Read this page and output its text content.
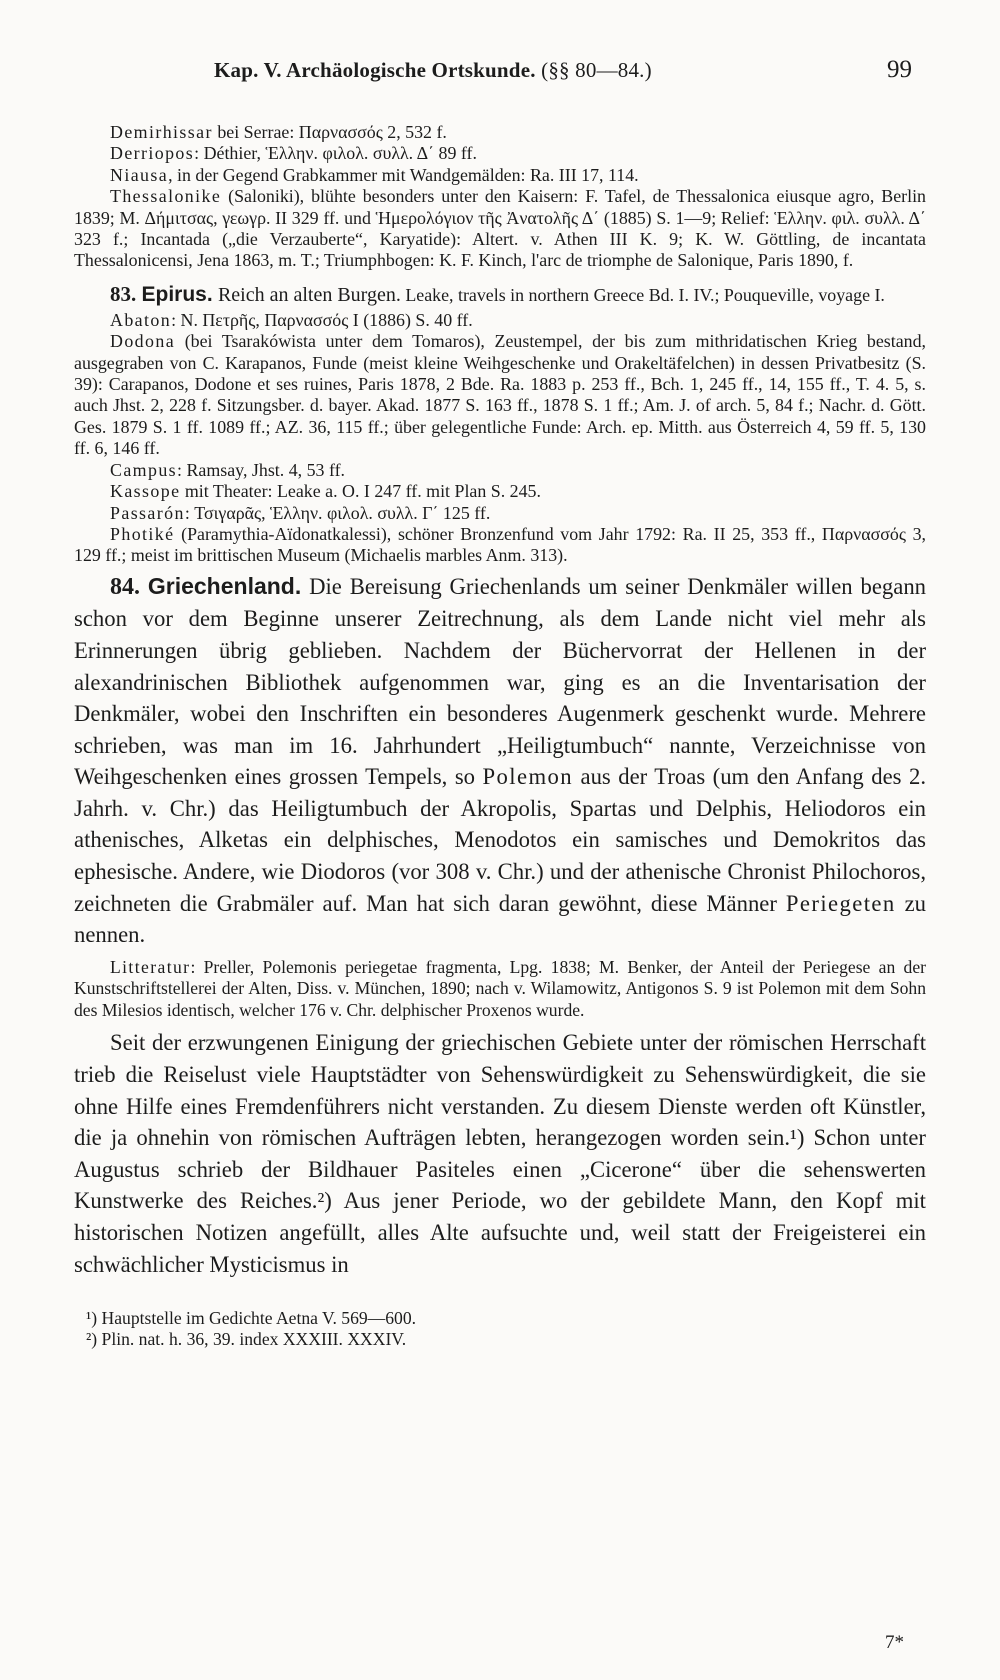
Kap. V. Archäologische Ortskunde. (§§ 80—84.)	99

Demirhissar bei Serrae: Παρνασσός 2, 532 f.

Derriopos: Déthier, Ἑλλην. φιλολ. συλλ. Δ΄ 89 ff.

Niausa, in der Gegend Grabkammer mit Wandgemälden: Ra. III 17, 114.

Thessalonike (Saloniki), blühte besonders unter den Kaisern: F. Tafel, de Thessalonica eiusque agro, Berlin 1839; M. Δήμιτσας, γεωγρ. II 329 ff. und Ἡμερολόγιον τῆς Ἀνατολῆς Δ΄ (1885) S. 1—9; Relief: Ἑλλην. φιλ. συλλ. Δ΄ 323 f.; Incantada („die Verzauberte“, Karyatide): Altert. v. Athen III K. 9; K. W. Göttling, de incantata Thessalonicensi, Jena 1863, m. T.; Triumphbogen: K. F. Kinch, l'arc de triomphe de Salonique, Paris 1890, f.

83. Epirus. Reich an alten Burgen. Leake, travels in northern Greece Bd. I. IV.; Pouqueville, voyage I.

Abaton: N. Πετρῆς, Παρνασσός I (1886) S. 40 ff.

Dodona (bei Tsarakówista unter dem Tomaros), Zeustempel, der bis zum mithridatischen Krieg bestand, ausgegraben von C. Karapanos, Funde (meist kleine Weihgeschenke und Orakeltäfelchen) in dessen Privatbesitz (S. 39): Carapanos, Dodone et ses ruines, Paris 1878, 2 Bde. Ra. 1883 p. 253 ff., Bch. 1, 245 ff., 14, 155 ff., T. 4. 5, s. auch Jhst. 2, 228 f. Sitzungsber. d. bayer. Akad. 1877 S. 163 ff., 1878 S. 1 ff.; Am. J. of arch. 5, 84 f.; Nachr. d. Gött. Ges. 1879 S. 1 ff. 1089 ff.; AZ. 36, 115 ff.; über gelegentliche Funde: Arch. ep. Mitth. aus Österreich 4, 59 ff. 5, 130 ff. 6, 146 ff.

Campus: Ramsay, Jhst. 4, 53 ff.

Kassope mit Theater: Leake a. O. I 247 ff. mit Plan S. 245.

Passarón: Τσιγαρᾶς, Ἑλλην. φιλολ. συλλ. Γ΄ 125 ff.

Photiké (Paramythia-Aïdonatkalessi), schöner Bronzenfund vom Jahr 1792: Ra. II 25, 353 ff., Παρνασσός 3, 129 ff.; meist im brittischen Museum (Michaelis marbles Anm. 313).

84. Griechenland. Die Bereisung Griechenlands um seiner Denkmäler willen begann schon vor dem Beginne unserer Zeitrechnung, als dem Lande nicht viel mehr als Erinnerungen übrig geblieben. Nachdem der Büchervorrat der Hellenen in der alexandrinischen Bibliothek aufgenommen war, ging es an die Inventarisation der Denkmäler, wobei den Inschriften ein besonderes Augenmerk geschenkt wurde. Mehrere schrieben, was man im 16. Jahrhundert „Heiligtumbuch“ nannte, Verzeichnisse von Weihgeschenken eines grossen Tempels, so Polemon aus der Troas (um den Anfang des 2. Jahrh. v. Chr.) das Heiligtumbuch der Akropolis, Spartas und Delphis, Heliodoros ein athenisches, Alketas ein delphisches, Menodotos ein samisches und Demokritos das ephesische. Andere, wie Diodoros (vor 308 v. Chr.) und der athenische Chronist Philochoros, zeichneten die Grabmäler auf. Man hat sich daran gewöhnt, diese Männer Periegeten zu nennen.

Litteratur: Preller, Polemonis periegetae fragmenta, Lpg. 1838; M. Benker, der Anteil der Periegese an der Kunstschriftstellerei der Alten, Diss. v. München, 1890; nach v. Wilamowitz, Antigonos S. 9 ist Polemon mit dem Sohn des Milesios identisch, welcher 176 v. Chr. delphischer Proxenos wurde.

Seit der erzwungenen Einigung der griechischen Gebiete unter der römischen Herrschaft trieb die Reiselust viele Hauptstädter von Sehenswürdigkeit zu Sehenswürdigkeit, die sie ohne Hilfe eines Fremdenführers nicht verstanden. Zu diesem Dienste werden oft Künstler, die ja ohnehin von römischen Aufträgen lebten, herangezogen worden sein.¹) Schon unter Augustus schrieb der Bildhauer Pasiteles einen „Cicerone“ über die sehenswerten Kunstwerke des Reiches.²) Aus jener Periode, wo der gebildete Mann, den Kopf mit historischen Notizen angefüllt, alles Alte aufsuchte und, weil statt der Freigeisterei ein schwächlicher Mysticismus in

¹) Hauptstelle im Gedichte Aetna V. 569—600.

²) Plin. nat. h. 36, 39. index XXXIII. XXXIV.

7*
